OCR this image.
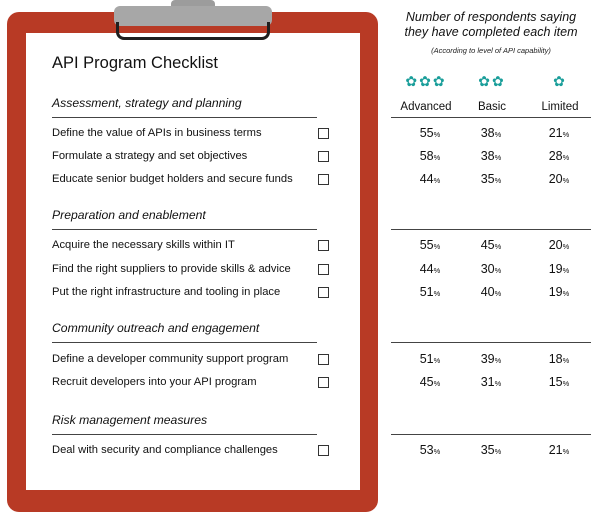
API Program Checklist
Number of respondents saying
they have completed each item
(According to level of API capability)
✿✿✿	✿✿	✿
Advanced	Basic	Limited
Assessment, strategy and planning
Define the value of APIs in business terms	55%	38%	21%
Formulate a strategy and set objectives	58%	38%	28%
Educate senior budget holders and secure funds	44%	35%	20%
Preparation and enablement
Acquire the necessary skills within IT	55%	45%	20%
Find the right suppliers to provide skills & advice	44%	30%	19%
Put the right infrastructure and tooling in place	51%	40%	19%
Community outreach and engagement
Define a developer community support program	51%	39%	18%
Recruit developers into your API program	45%	31%	15%
Risk management measures
Deal with security and compliance challenges	53%	35%	21%
